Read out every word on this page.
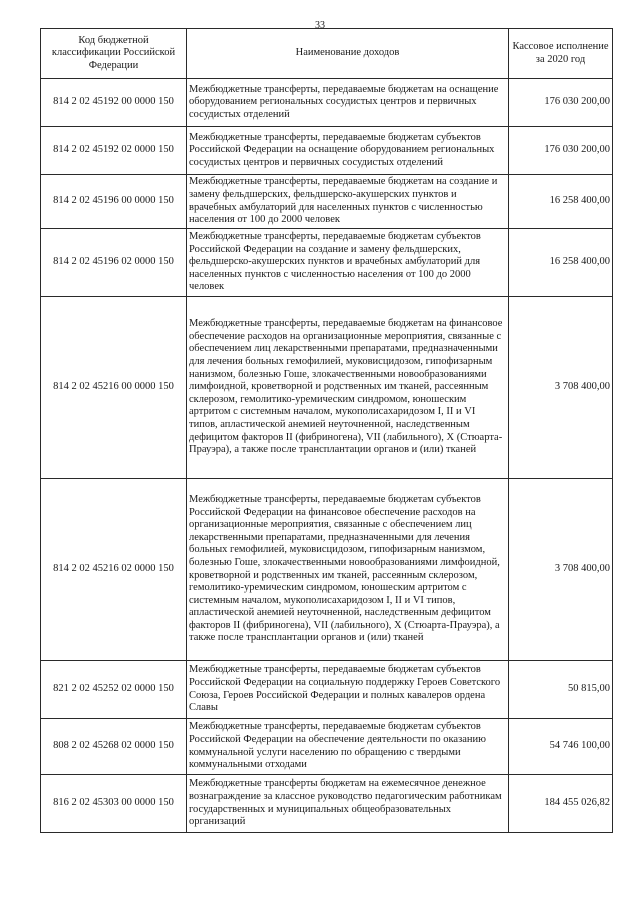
33
Код бюджетной классификации Российской Федерации	Наименование доходов	Кассовое исполнение за 2020 год
814 2 02 45192 00 0000 150	Межбюджетные трансферты, передаваемые бюджетам на оснащение оборудованием региональных сосудистых центров и первичных сосудистых отделений	176 030 200,00
814 2 02 45192 02 0000 150	Межбюджетные трансферты, передаваемые бюджетам субъектов Российской Федерации на оснащение оборудованием региональных сосудистых центров и первичных сосудистых отделений	176 030 200,00
814 2 02 45196 00 0000 150	Межбюджетные трансферты, передаваемые бюджетам на создание и замену фельдшерских, фельдшерско-акушерских пунктов и врачебных амбулаторий для населенных пунктов с численностью населения от 100 до 2000 человек	16 258 400,00
814 2 02 45196 02 0000 150	Межбюджетные трансферты, передаваемые бюджетам субъектов Российской Федерации на создание и замену фельдшерских, фельдшерско-акушерских пунктов и врачебных амбулаторий для населенных пунктов с численностью населения от 100 до 2000 человек	16 258 400,00
814 2 02 45216 00 0000 150	Межбюджетные трансферты, передаваемые бюджетам на финансовое обеспечение расходов на организационные мероприятия, связанные с обеспечением лиц лекарственными препаратами, предназначенными для лечения больных гемофилией, муковисцидозом, гипофизарным нанизмом, болезнью Гоше, злокачественными новообразованиями лимфоидной, кроветворной и родственных им тканей, рассеянным склерозом, гемолитико-уремическим синдромом, юношеским артритом с системным началом, мукополисахаридозом I, II и VI типов, апластической анемией неуточненной, наследственным дефицитом факторов II (фибриногена), VII (лабильного), X (Стюарта-Прауэра), а также после трансплантации органов и (или) тканей	3 708 400,00
814 2 02 45216 02 0000 150	Межбюджетные трансферты, передаваемые бюджетам субъектов Российской Федерации на финансовое обеспечение расходов на организационные мероприятия, связанные с обеспечением лиц лекарственными препаратами, предназначенными для лечения больных гемофилией, муковисцидозом, гипофизарным нанизмом, болезнью Гоше, злокачественными новообразованиями лимфоидной, кроветворной и родственных им тканей, рассеянным склерозом, гемолитико-уремическим синдромом, юношеским артритом с системным началом, мукополисахаридозом I, II и VI типов, апластической анемией неуточненной, наследственным дефицитом факторов II (фибриногена), VII (лабильного), X (Стюарта-Прауэра), а также после трансплантации органов и (или) тканей	3 708 400,00
821 2 02 45252 02 0000 150	Межбюджетные трансферты, передаваемые бюджетам субъектов Российской Федерации на социальную поддержку Героев Советского Союза, Героев Российской Федерации и полных кавалеров ордена Славы	50 815,00
808 2 02 45268 02 0000 150	Межбюджетные трансферты, передаваемые бюджетам субъектов Российской Федерации на обеспечение деятельности по оказанию коммунальной услуги населению по обращению с твердыми коммунальными отходами	54 746 100,00
816 2 02 45303 00 0000 150	Межбюджетные трансферты бюджетам на ежемесячное денежное вознаграждение за классное руководство педагогическим работникам государственных и муниципальных общеобразовательных организаций	184 455 026,82
